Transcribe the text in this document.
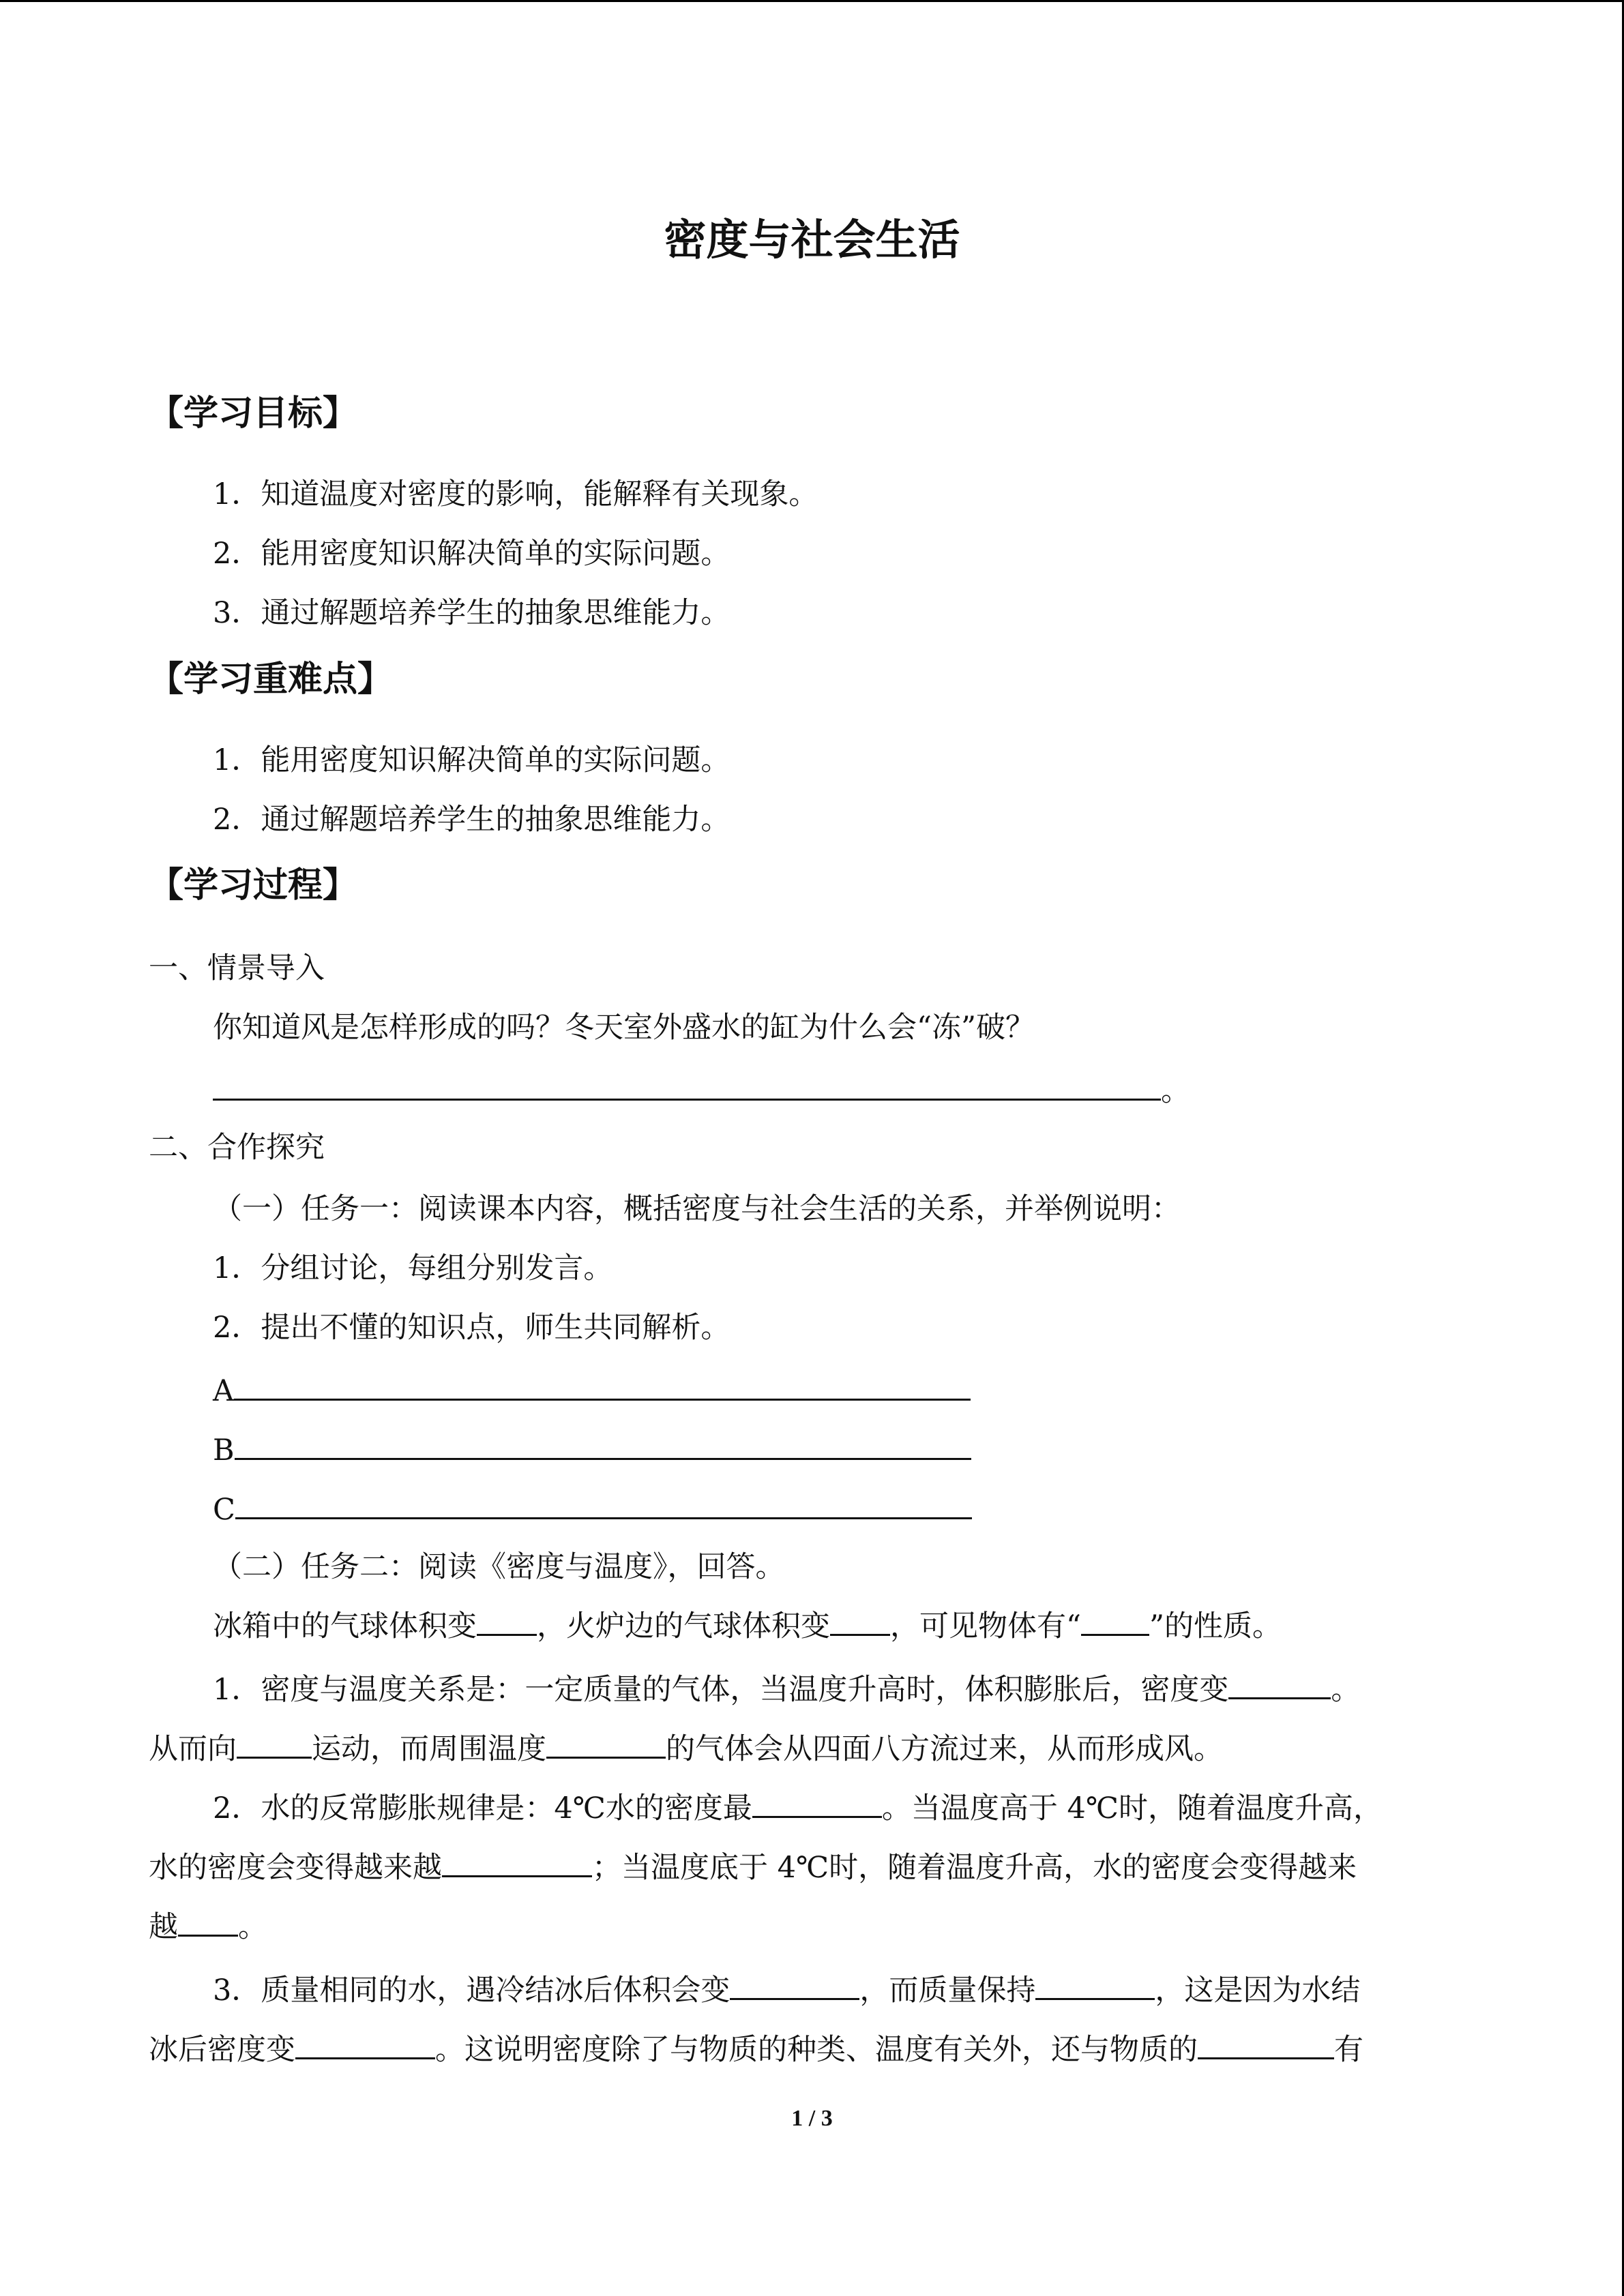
密度与社会生活
【学习目标】
1．知道温度对密度的影响，能解释有关现象。
2．能用密度知识解决简单的实际问题。
3．通过解题培养学生的抽象思维能力。
【学习重难点】
1．能用密度知识解决简单的实际问题。
2．通过解题培养学生的抽象思维能力。
【学习过程】
一、情景导入
你知道风是怎样形成的吗？冬天室外盛水的缸为什么会“冻”破？
。
二、合作探究
（一）任务一：阅读课本内容，概括密度与社会生活的关系，并举例说明：
1．分组讨论，每组分别发言。
2．提出不懂的知识点，师生共同解析。
A
B
C
（二）任务二：阅读《密度与温度》，回答。
冰箱中的气球体积变 ，火炉边的气球体积变 ，可见物体有“ ”的性质。
1．密度与温度关系是：一定质量的气体，当温度升高时，体积膨胀后，密度变	。
从而向	运动，而周围温度	的气体会从四面八方流过来，从而形成风。
2．水的反常膨胀规律是：4℃水的密度最	。当温度高于 4℃时，随着温度升高，
水的密度会变得越来越	；当温度底于 4℃时，随着温度升高，水的密度会变得越来
越 。
3．质量相同的水，遇冷结冰后体积会变	，而质量保持	，这是因为水结
冰后密度变	。这说明密度除了与物质的种类、温度有关外，还与物质的	有
1 / 3
